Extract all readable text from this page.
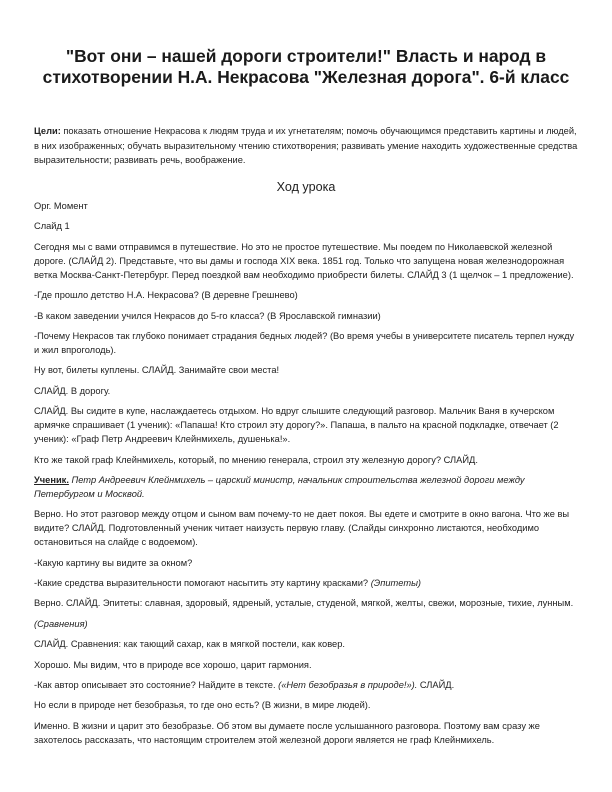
"Вот они – нашей дороги строители!" Власть и народ в стихотворении Н.А. Некрасова "Железная дорога". 6-й класс

Цели: показать отношение Некрасова к людям труда и их угнетателям; помочь обучающимся представить картины и людей, в них изображенных; обучать выразительному чтению стихотворения; развивать умение находить художественные средства выразительности; развивать речь, воображение.

Ход урока

Орг. Момент

Слайд 1

Сегодня мы с вами отправимся в путешествие. Но это не простое путешествие. Мы поедем по Николаевской железной дороге. (СЛАЙД 2). Представьте, что вы дамы и господа XIX века. 1851 год. Только что запущена новая железнодорожная ветка Москва-Санкт-Петербург. Перед поездкой вам необходимо приобрести билеты. СЛАЙД 3 (1 щелчок – 1 предложение).

-Где прошло детство Н.А. Некрасова? (В деревне Грешнево)

-В каком заведении учился Некрасов до 5-го класса? (В Ярославской гимназии)

-Почему Некрасов так глубоко понимает страдания бедных людей? (Во время учебы в университете писатель терпел нужду и жил впроголодь).

Ну вот, билеты куплены. СЛАЙД. Занимайте свои места!

СЛАЙД. В дорогу.

СЛАЙД. Вы сидите в купе, наслаждаетесь отдыхом. Но вдруг слышите следующий разговор. Мальчик Ваня в кучерском армячке спрашивает (1 ученик): «Папаша! Кто строил эту дорогу?». Папаша, в пальто на красной подкладке, отвечает (2 ученик): «Граф Петр Андреевич Клейнмихель, душенька!».

Кто же такой граф Клейнмихель, который, по мнению генерала, строил эту железную дорогу? СЛАЙД.

Ученик. Петр Андреевич Клейнмихель – царский министр, начальник строительства железной дороги между Петербургом и Москвой.

Верно. Но этот разговор между отцом и сыном вам почему-то не дает покоя. Вы едете и смотрите в окно вагона. Что же вы видите? СЛАЙД. Подготовленный ученик читает наизусть первую главу. (Слайды синхронно листаются, необходимо остановиться на слайде с водоемом).

-Какую картину вы видите за окном?

-Какие средства выразительности помогают насытить эту картину красками? (Эпитеты)

Верно. СЛАЙД. Эпитеты: славная, здоровый, ядреный, усталые, студеной, мягкой, желты, свежи, морозные, тихие, лунным.

(Сравнения)

СЛАЙД. Сравнения: как тающий сахар, как в мягкой постели, как ковер.

Хорошо. Мы видим, что в природе все хорошо, царит гармония.

-Как автор описывает это состояние? Найдите в тексте. («Нет безобразья в природе!»). СЛАЙД.

Но если в природе нет безобразья, то где оно есть? (В жизни, в мире людей).

Именно. В жизни и царит это безобразье. Об этом вы думаете после услышанного разговора. Поэтому вам сразу же захотелось рассказать, что настоящим строителем этой железной дороги является не граф Клейнмихель.
